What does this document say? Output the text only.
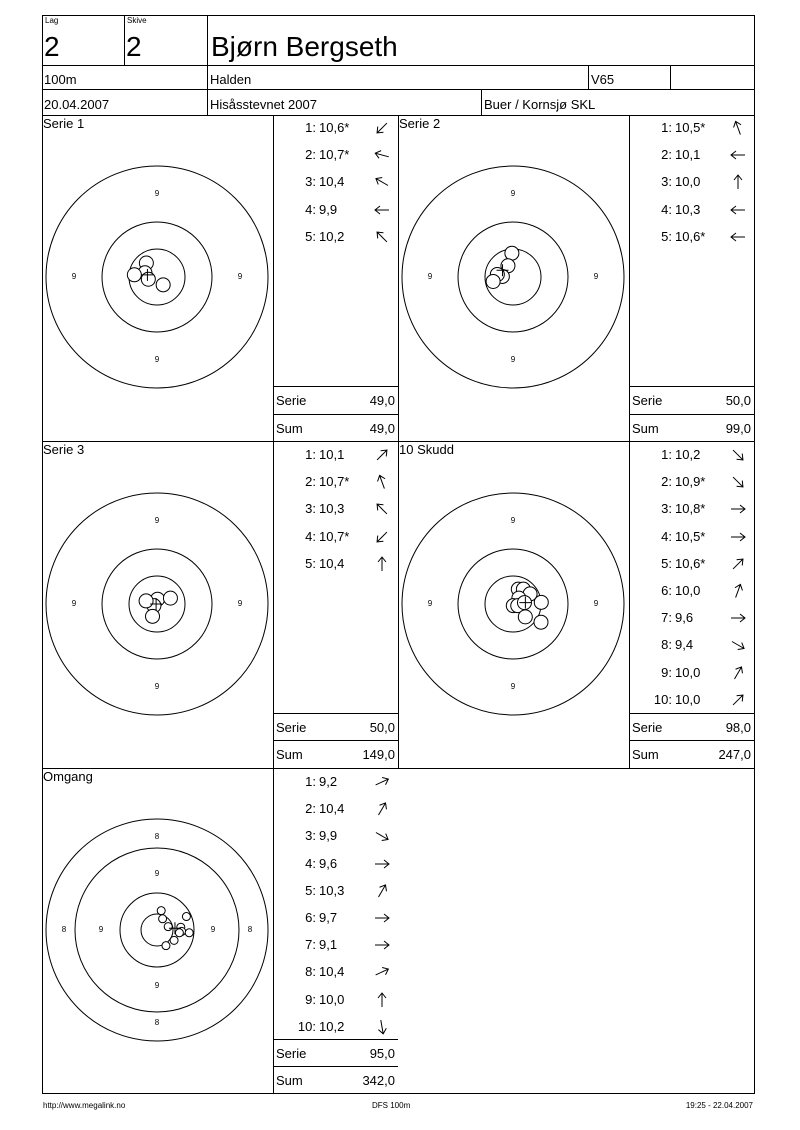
Lag
2
Skive
2 Bjørn Bergseth
100m	Halden	V65
20.04.2007	Hisåsstevnet 2007	Buer / Kornsjø SKL
Serie 1
9
9
9	9
Serie	49,0
Sum	49,0
Serie 2
9
9
9	9
Serie	50,0
Sum	99,0
Serie 3
9
9
9	9
Serie	50,0
Sum	149,0
10 Skudd
9
9
9	9
Serie	98,0
Sum	247,0
Omgang
9
9
9	9
8
8
8	8
Serie	95,0
Sum	342,0
http://www.megalink.no	DFS 100m	19:25 - 22.04.2007
1: 10,6*
2: 10,7*
3: 10,4
4: 9,9
5: 10,2
1: 10,5*
2: 10,1
3: 10,0
4: 10,3
5: 10,6*
1: 10,1
2: 10,7*
3: 10,3
4: 10,7*
5: 10,4
1: 10,2
2: 10,9*
3: 10,8*
4: 10,5*
5: 10,6*
6: 10,0
7: 9,6
8: 9,4
9: 10,0
10: 10,0
1: 9,2
2: 10,4
3: 9,9
4: 9,6
5: 10,3
6: 9,7
7: 9,1
8: 10,4
9: 10,0
10: 10,2
